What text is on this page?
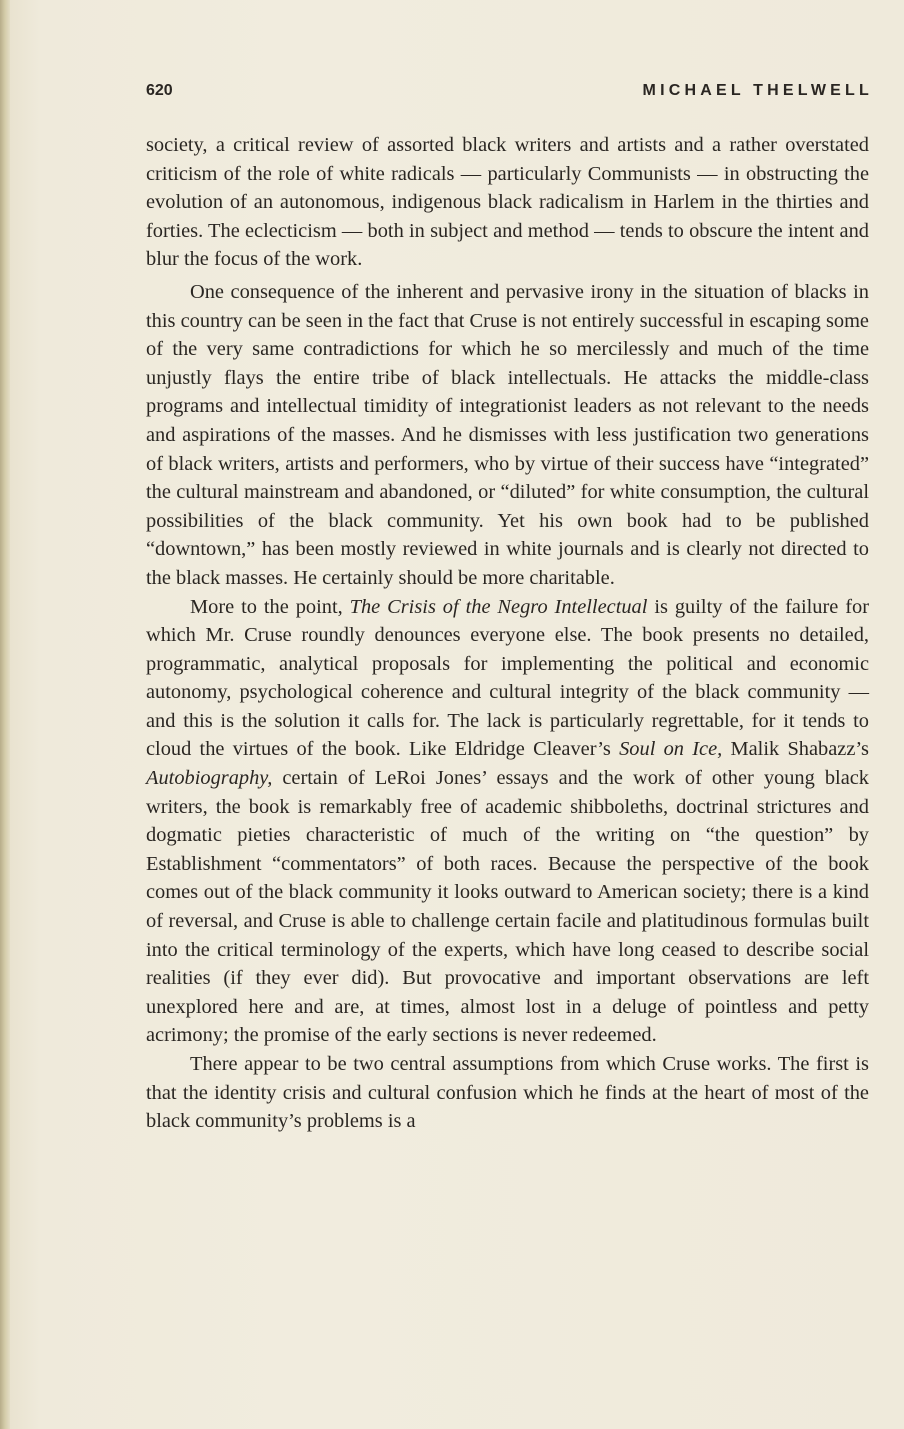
620	MICHAEL THELWELL

society, a critical review of assorted black writers and artists and a rather overstated criticism of the role of white radicals — particularly Communists — in obstructing the evolution of an autonomous, indigenous black radicalism in Harlem in the thirties and forties. The eclecticism — both in subject and method — tends to obscure the intent and blur the focus of the work.

One consequence of the inherent and pervasive irony in the situation of blacks in this country can be seen in the fact that Cruse is not entirely successful in escaping some of the very same contradictions for which he so mercilessly and much of the time unjustly flays the entire tribe of black intellectuals. He attacks the middle-class programs and intellectual timidity of integrationist leaders as not relevant to the needs and aspirations of the masses. And he dismisses with less justification two generations of black writers, artists and performers, who by virtue of their success have “integrated” the cultural mainstream and abandoned, or “diluted” for white consumption, the cultural possibilities of the black community. Yet his own book had to be published “downtown,” has been mostly reviewed in white journals and is clearly not directed to the black masses. He certainly should be more charitable.

More to the point, The Crisis of the Negro Intellectual is guilty of the failure for which Mr. Cruse roundly denounces everyone else. The book presents no detailed, programmatic, analytical proposals for implementing the political and economic autonomy, psychological coherence and cultural integrity of the black community — and this is the solution it calls for. The lack is particularly regrettable, for it tends to cloud the virtues of the book. Like Eldridge Cleaver’s Soul on Ice, Malik Shabazz’s Autobiography, certain of LeRoi Jones’ essays and the work of other young black writers, the book is remarkably free of academic shibboleths, doctrinal strictures and dogmatic pieties characteristic of much of the writing on “the question” by Establishment “commentators” of both races. Because the perspective of the book comes out of the black community it looks outward to American society; there is a kind of reversal, and Cruse is able to challenge certain facile and platitudinous formulas built into the critical terminology of the experts, which have long ceased to describe social realities (if they ever did). But provocative and important observations are left unexplored here and are, at times, almost lost in a deluge of pointless and petty acrimony; the promise of the early sections is never redeemed.

There appear to be two central assumptions from which Cruse works. The first is that the identity crisis and cultural confusion which he finds at the heart of most of the black community’s problems is a
